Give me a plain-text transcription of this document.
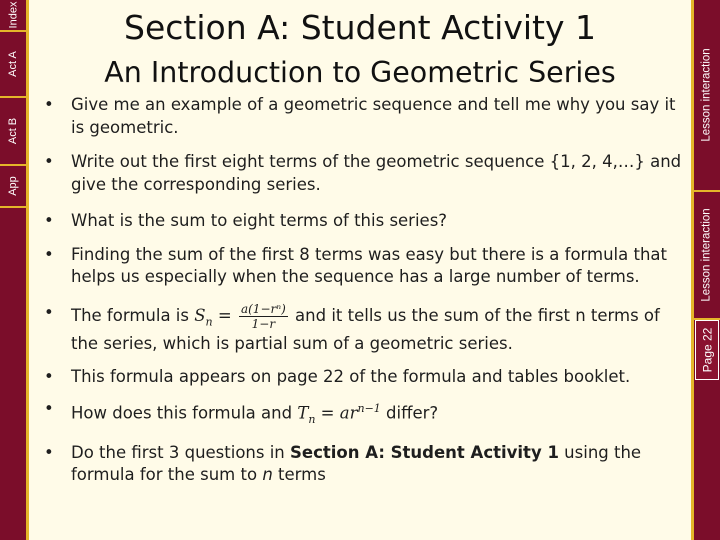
Index
Act A
Act B
App
Lesson interaction
Lesson interaction
Page 22
Section A: Student Activity 1
An Introduction to Geometric Series
• Give me an example of a geometric sequence and tell me why you say it is geometric.
• Write out the first eight terms of the geometric sequence {1, 2, 4,…} and give the corresponding series.
• What is the sum to eight terms of this series?
• Finding the sum of the first 8 terms was easy but there is a formula that helps us especially when the sequence has a large number of terms.
• The formula is $S_n = \frac{\text{a(1−rⁿ)}}{1-r}$ and it tells us the sum of the first n terms of the series, which is partial sum of a geometric series.
• This formula appears on page 22 of the formula and tables booklet.
• How does this formula and $T_n = ar^{n-1}$ differ?
• Do the first 3 questions in Section A: Student Activity 1 using the formula for the sum to n terms
